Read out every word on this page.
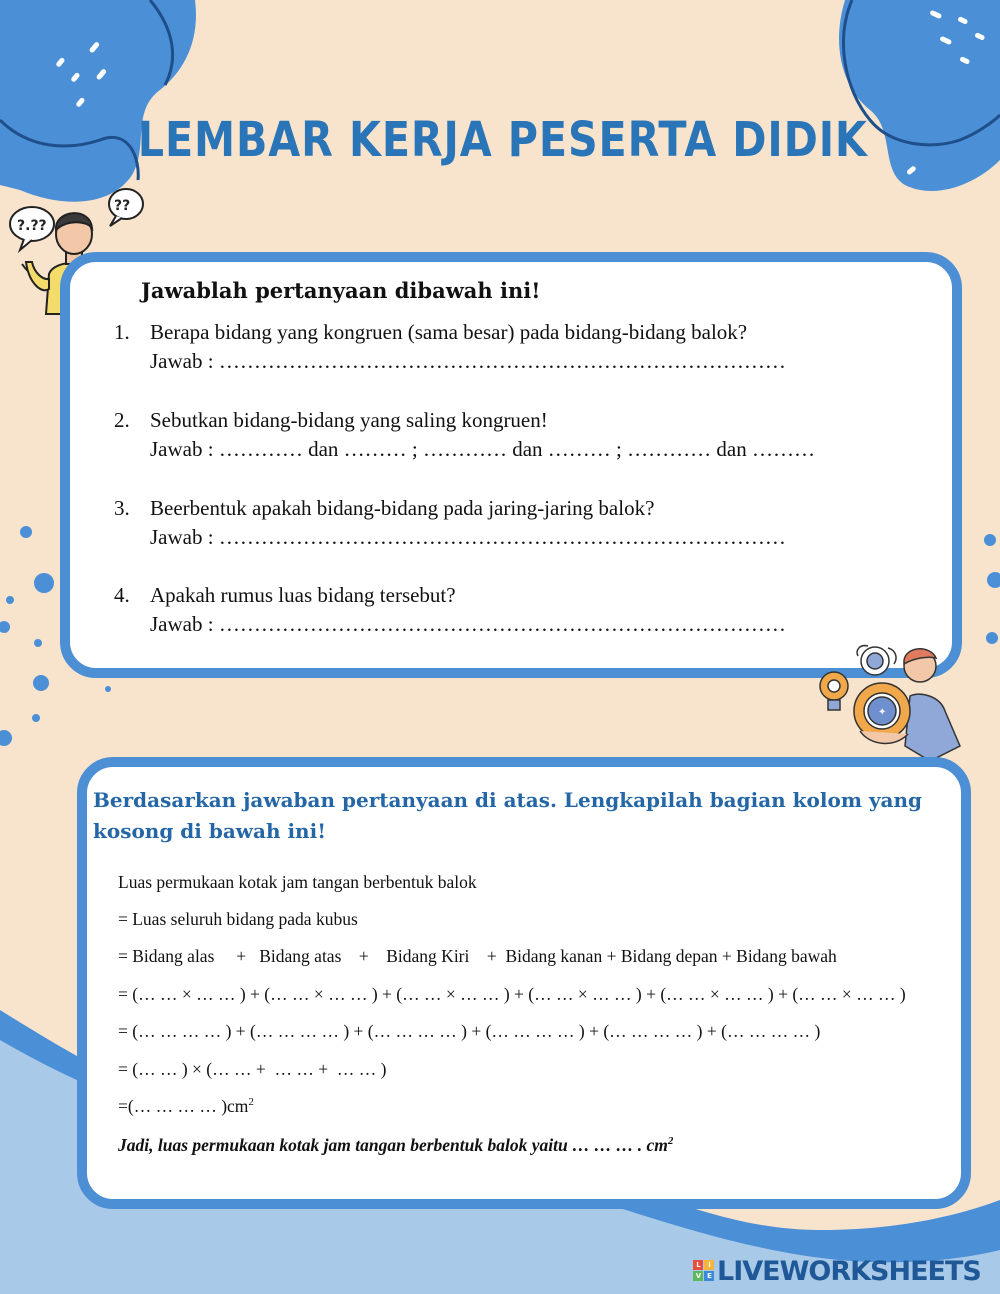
LEMBAR KERJA PESERTA DIDIK
?.??
??

Jawablah pertanyaan dibawah ini!

1. Berapa bidang yang kongruen (sama besar) pada bidang-bidang balok?
Jawab : ………………………………………………………………………
2. Sebutkan bidang-bidang yang saling kongruen!
Jawab : ………… dan ……… ; ………… dan ……… ; ………… dan ………
3. Beerbentuk apakah bidang-bidang pada jaring-jaring balok?
Jawab : ………………………………………………………………………
4. Apakah rumus luas bidang tersebut?
Jawab : ………………………………………………………………………
✦

Berdasarkan jawaban pertanyaan di atas. Lengkapilah bagian kolom yang kosong di bawah ini!

Luas permukaan kotak jam tangan berbentuk balok
= Luas seluruh bidang pada kubus
= Bidang alas     +   Bidang atas    +    Bidang Kiri    +  Bidang kanan + Bidang depan + Bidang bawah
= (… … × … … ) + (… … × … … ) + (… … × … … ) + (… … × … … ) + (… … × … … ) + (… … × … … )
= (… … … … ) + (… … … … ) + (… … … … ) + (… … … … ) + (… … … … ) + (… … … … )
= (… … ) × (… … +  … … +  … … )
=(… … … … )$cm^2$
Jadi, luas permukaan kotak jam tangan berbentuk balok yaitu … … … . $cm^2$
L	I
V E LIVEWORKSHEETS
